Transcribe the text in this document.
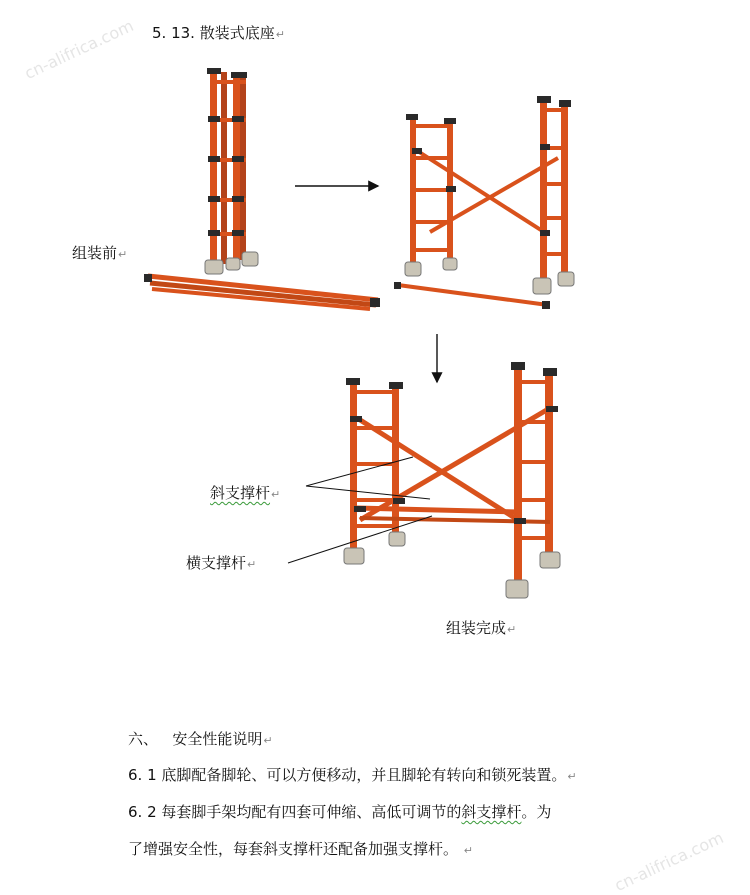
cn-alifrica.com
cn-alifrica.com
5. 13. 散装式底座↵
组装前↵
斜支撑杆↵
横支撑杆↵
组装完成↵
六、 安全性能说明↵
6. 1 底脚配备脚轮、可以方便移动，并且脚轮有转向和锁死装置。↵
6. 2 每套脚手架均配有四套可伸缩、高低可调节的斜支撑杆。为
了增强安全性，每套斜支撑杆还配备加强支撑杆。 ↵
